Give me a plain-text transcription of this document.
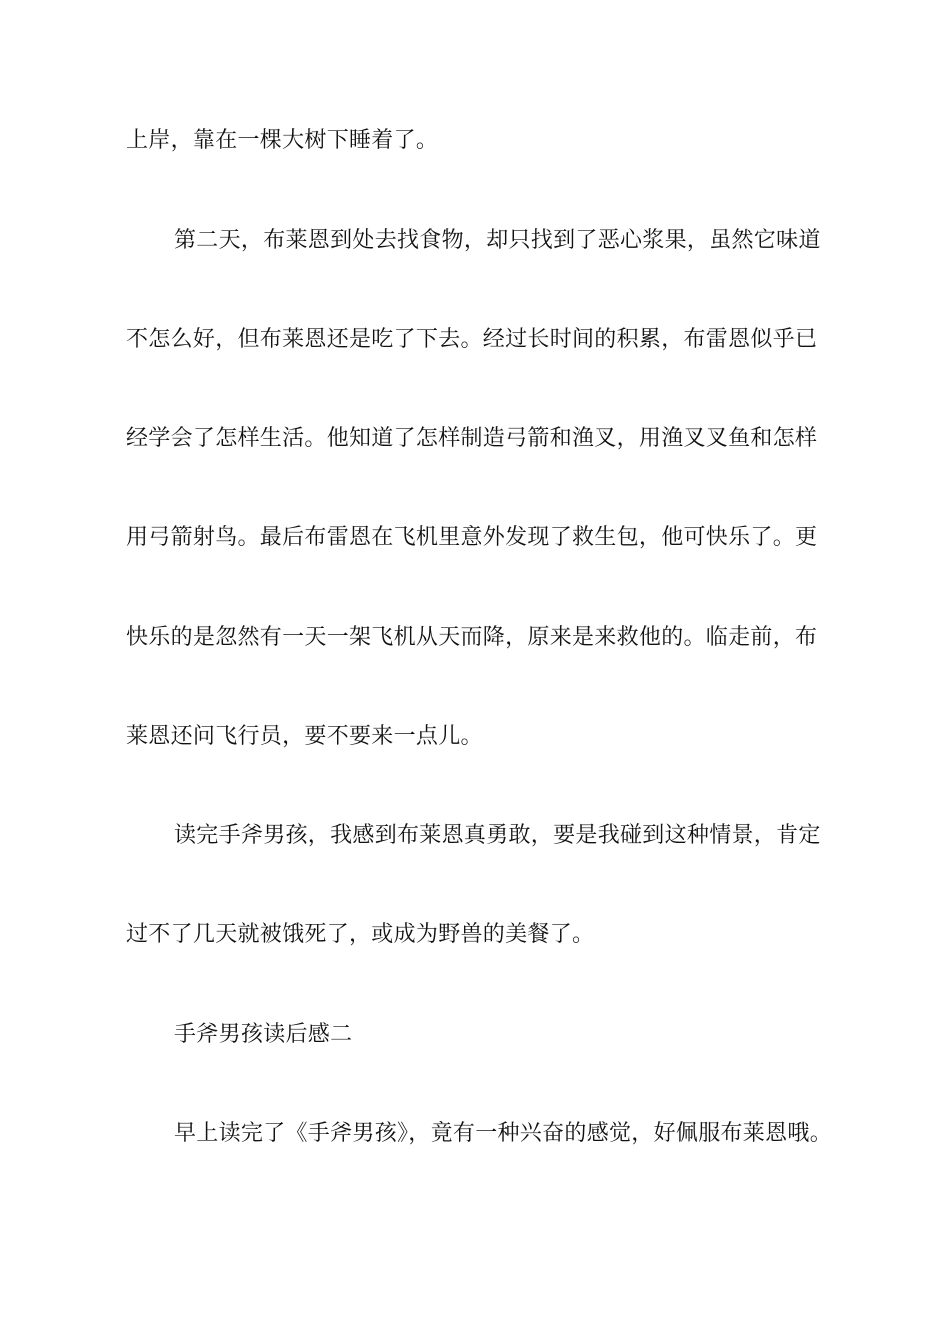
上岸，靠在一棵大树下睡着了。
第二天，布莱恩到处去找食物，却只找到了恶心浆果，虽然它味道
不怎么好，但布莱恩还是吃了下去。经过长时间的积累，布雷恩似乎已
经学会了怎样生活。他知道了怎样制造弓箭和渔叉，用渔叉叉鱼和怎样
用弓箭射鸟。最后布雷恩在飞机里意外发现了救生包，他可快乐了。更
快乐的是忽然有一天一架飞机从天而降，原来是来救他的。临走前，布
莱恩还问飞行员，要不要来一点儿。
读完手斧男孩，我感到布莱恩真勇敢，要是我碰到这种情景，肯定
过不了几天就被饿死了，或成为野兽的美餐了。
手斧男孩读后感二
早上读完了《手斧男孩》，竟有一种兴奋的感觉，好佩服布莱恩哦。
